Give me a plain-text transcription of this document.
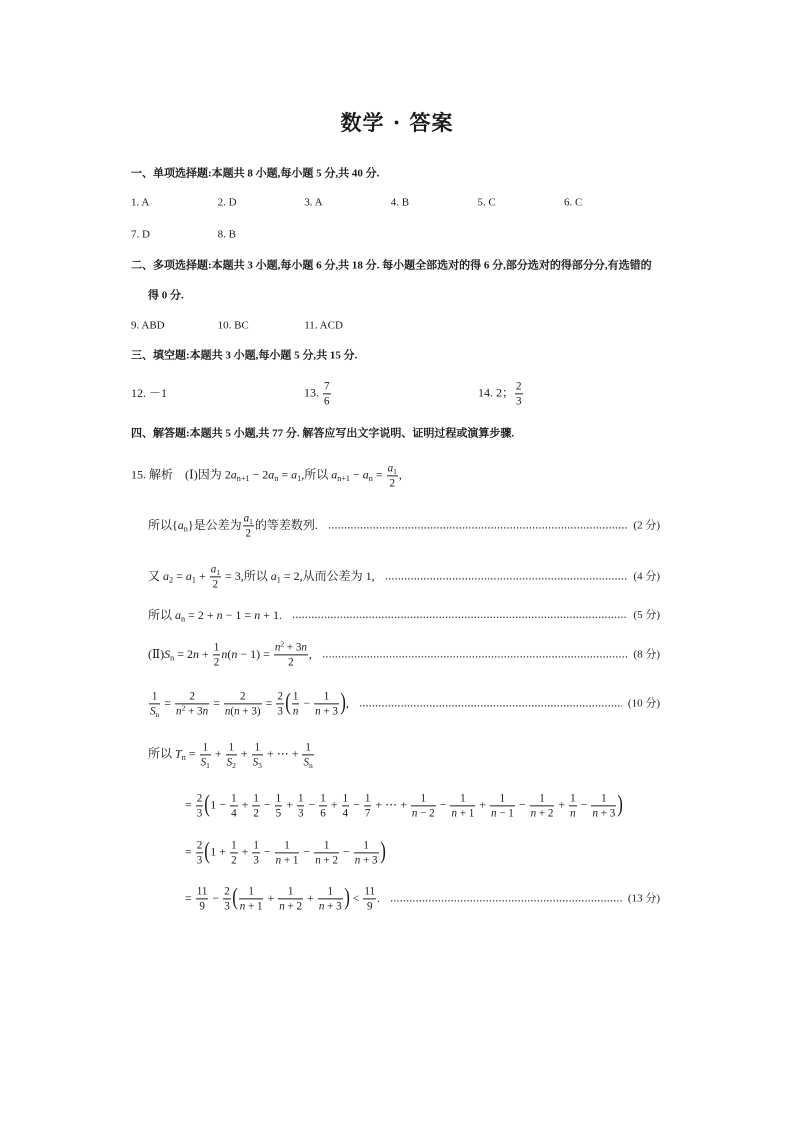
数学 · 答案
一、单项选择题:本题共 8 小题,每小题 5 分,共 40 分.
1. A	2. D	3. A	4. B	5. C	6. C
7. D	8. B
二、多项选择题:本题共 3 小题,每小题 6 分,共 18 分. 每小题全部选对的得 6 分,部分选对的得部分分,有选错的
得 0 分.
9. ABD	10. BC	11. ACD
三、填空题:本题共 3 小题,每小题 5 分,共 15 分.
12. －1	13. $\frac{7}{6}$	14. 2； $\frac{2}{3}$
四、解答题:本题共 5 小题,共 77 分. 解答应写出文字说明、证明过程或演算步骤.
15. 解析　(Ⅰ)因为 $2a_{n+1} - 2a_n = a_1$,所以 $a_{n+1} - a_n = \frac{a_1}{2}$ ,
所以$\{a_n\}$是公差为 $\frac{a_1}{2}$ 的等差数列.	(2 分)
又 $a_2 = a_1 + \frac{a_1}{2} = 3$,所以 $a_1 = 2$,从而公差为 1,	(4 分)
所以 $a_n = 2 + n - 1 = n + 1$.	(5 分)
$(Ⅱ)S_n = 2n + \frac{1}{2} n(n - 1) = \frac{n^2 + 3n}{2}$ ,	(8 分)
$\frac{1}{S_n} = \frac{2}{n^2 + 3n} = \frac{2}{n(n + 3)} = \frac{2}{3}$ ( $\frac{1}{n} - \frac{1}{n + 3}$ ),	(10 分)
所以 $T_n = \frac{1}{S_1} + \frac{1}{S_2} + \frac{1}{S_3}$ + ⋯ + $\frac{1}{S_n}$
= $\frac{2}{3} (1 - \frac{1}{4} + \frac{1}{2} - \frac{1}{5} + \frac{1}{3} - \frac{1}{6} + \frac{1}{4} - \frac{1}{7}$ + ⋯ + $\frac{1}{n - 2} - \frac{1}{n + 1} + \frac{1}{n - 1} - \frac{1}{n + 2} + \frac{1}{n} - \frac{1}{n + 3}$ )
= $\frac{2}{3} (1 + \frac{1}{2} + \frac{1}{3} - \frac{1}{n + 1} - \frac{1}{n + 2} - \frac{1}{n + 3}$ )
= $\frac{11}{9} - \frac{2}{3}$ ( $\frac{1}{n + 1} + \frac{1}{n + 2} + \frac{1}{n + 3}$ ) < $\frac{11}{9}$ .	(13 分)
